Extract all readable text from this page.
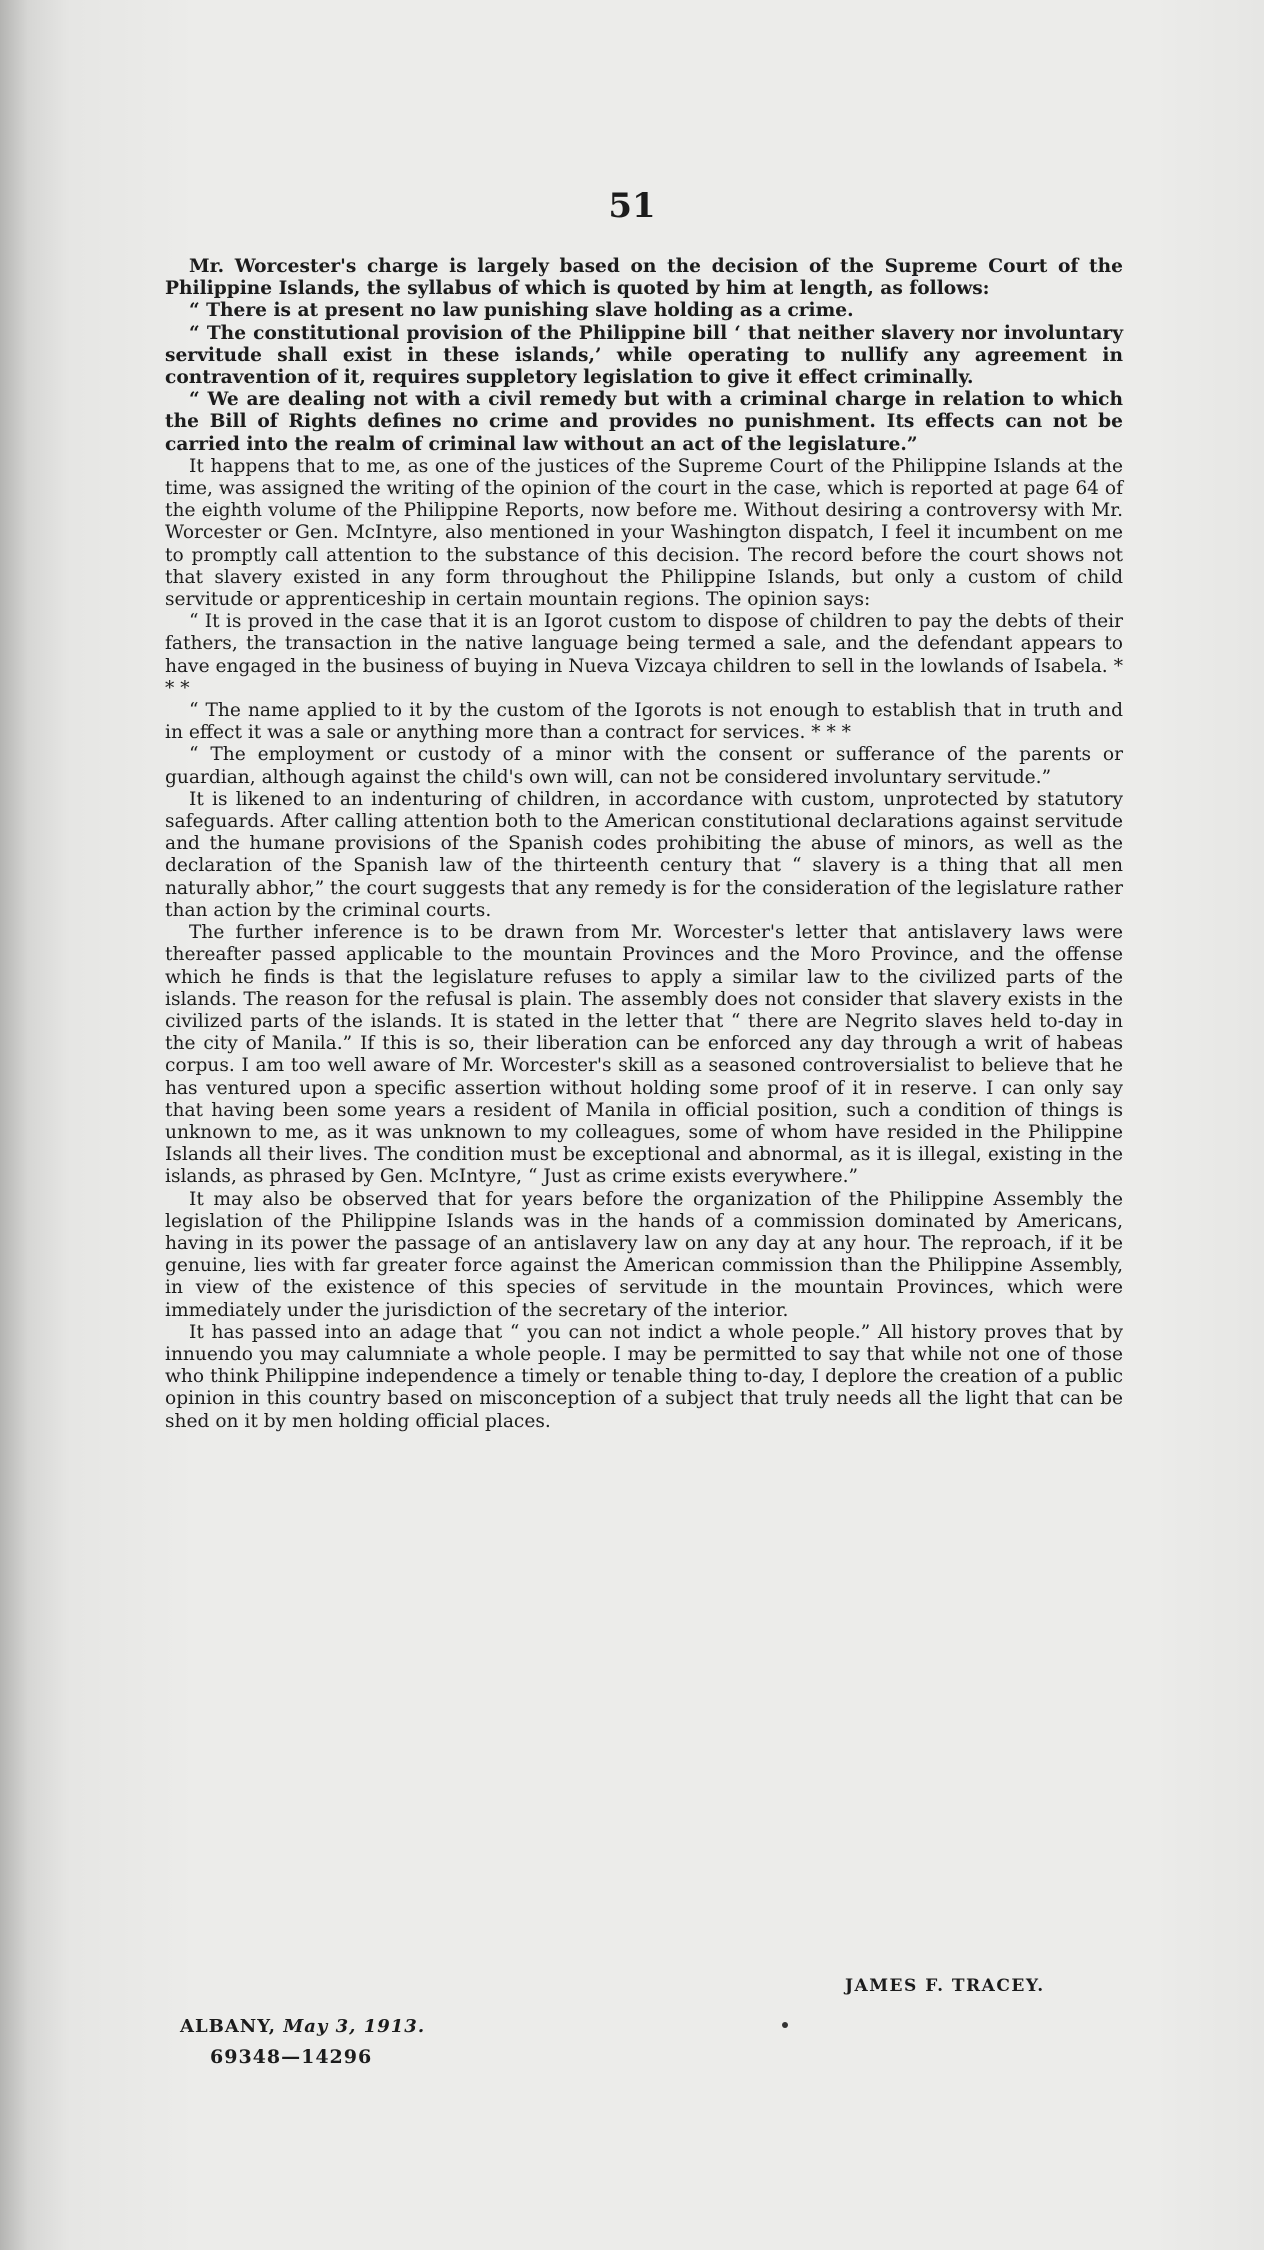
51

Mr. Worcester's charge is largely based on the decision of the Supreme Court of the Philippine Islands, the syllabus of which is quoted by him at length, as follows:

“ There is at present no law punishing slave holding as a crime.

“ The constitutional provision of the Philippine bill ‘ that neither slavery nor involuntary servitude shall exist in these islands,’ while operating to nullify any agreement in contravention of it, requires suppletory legislation to give it effect criminally.

“ We are dealing not with a civil remedy but with a criminal charge in relation to which the Bill of Rights defines no crime and provides no punishment. Its effects can not be carried into the realm of criminal law without an act of the legislature.”

It happens that to me, as one of the justices of the Supreme Court of the Philippine Islands at the time, was assigned the writing of the opinion of the court in the case, which is reported at page 64 of the eighth volume of the Philippine Reports, now before me. Without desiring a controversy with Mr. Worcester or Gen. McIntyre, also mentioned in your Washington dispatch, I feel it incumbent on me to promptly call attention to the substance of this decision. The record before the court shows not that slavery existed in any form throughout the Philippine Islands, but only a custom of child servitude or apprenticeship in certain mountain regions. The opinion says:

“ It is proved in the case that it is an Igorot custom to dispose of children to pay the debts of their fathers, the transaction in the native language being termed a sale, and the defendant appears to have engaged in the business of buying in Nueva Vizcaya children to sell in the lowlands of Isabela. * * *

“ The name applied to it by the custom of the Igorots is not enough to establish that in truth and in effect it was a sale or anything more than a contract for services. * * *

“ The employment or custody of a minor with the consent or sufferance of the parents or guardian, although against the child's own will, can not be considered involuntary servitude.”

It is likened to an indenturing of children, in accordance with custom, unprotected by statutory safeguards. After calling attention both to the American constitutional declarations against servitude and the humane provisions of the Spanish codes prohibiting the abuse of minors, as well as the declaration of the Spanish law of the thirteenth century that “ slavery is a thing that all men naturally abhor,” the court suggests that any remedy is for the consideration of the legislature rather than action by the criminal courts.

The further inference is to be drawn from Mr. Worcester's letter that antislavery laws were thereafter passed applicable to the mountain Provinces and the Moro Province, and the offense which he finds is that the legislature refuses to apply a similar law to the civilized parts of the islands. The reason for the refusal is plain. The assembly does not consider that slavery exists in the civilized parts of the islands. It is stated in the letter that “ there are Negrito slaves held to-day in the city of Manila.” If this is so, their liberation can be enforced any day through a writ of habeas corpus. I am too well aware of Mr. Worcester's skill as a seasoned controversialist to believe that he has ventured upon a specific assertion without holding some proof of it in reserve. I can only say that having been some years a resident of Manila in official position, such a condition of things is unknown to me, as it was unknown to my colleagues, some of whom have resided in the Philippine Islands all their lives. The condition must be exceptional and abnormal, as it is illegal, existing in the islands, as phrased by Gen. McIntyre, “ Just as crime exists everywhere.”

It may also be observed that for years before the organization of the Philippine Assembly the legislation of the Philippine Islands was in the hands of a commission dominated by Americans, having in its power the passage of an antislavery law on any day at any hour. The reproach, if it be genuine, lies with far greater force against the American commission than the Philippine Assembly, in view of the existence of this species of servitude in the mountain Provinces, which were immediately under the jurisdiction of the secretary of the interior.

It has passed into an adage that “ you can not indict a whole people.” All history proves that by innuendo you may calumniate a whole people. I may be permitted to say that while not one of those who think Philippine independence a timely or tenable thing to-day, I deplore the creation of a public opinion in this country based on misconception of a subject that truly needs all the light that can be shed on it by men holding official places.

JAMES F. TRACEY.
ALBANY, May 3, 1913.
69348—14296
